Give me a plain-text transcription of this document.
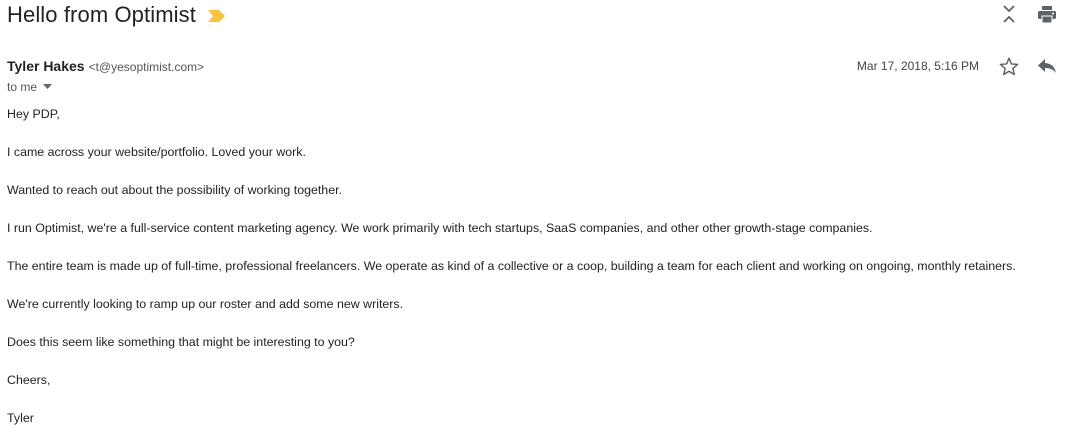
Hello from Optimist
Tyler Hakes <t@yesoptimist.com>
to me
Mar 17, 2018, 5:16 PM

Hey PDP,

I came across your website/portfolio. Loved your work.

Wanted to reach out about the possibility of working together.

I run Optimist, we're a full-service content marketing agency. We work primarily with tech startups, SaaS companies, and other other growth-stage companies.

The entire team is made up of full-time, professional freelancers. We operate as kind of a collective or a coop, building a team for each client and working on ongoing, monthly retainers.

We're currently looking to ramp up our roster and add some new writers.

Does this seem like something that might be interesting to you?

Cheers,

Tyler
